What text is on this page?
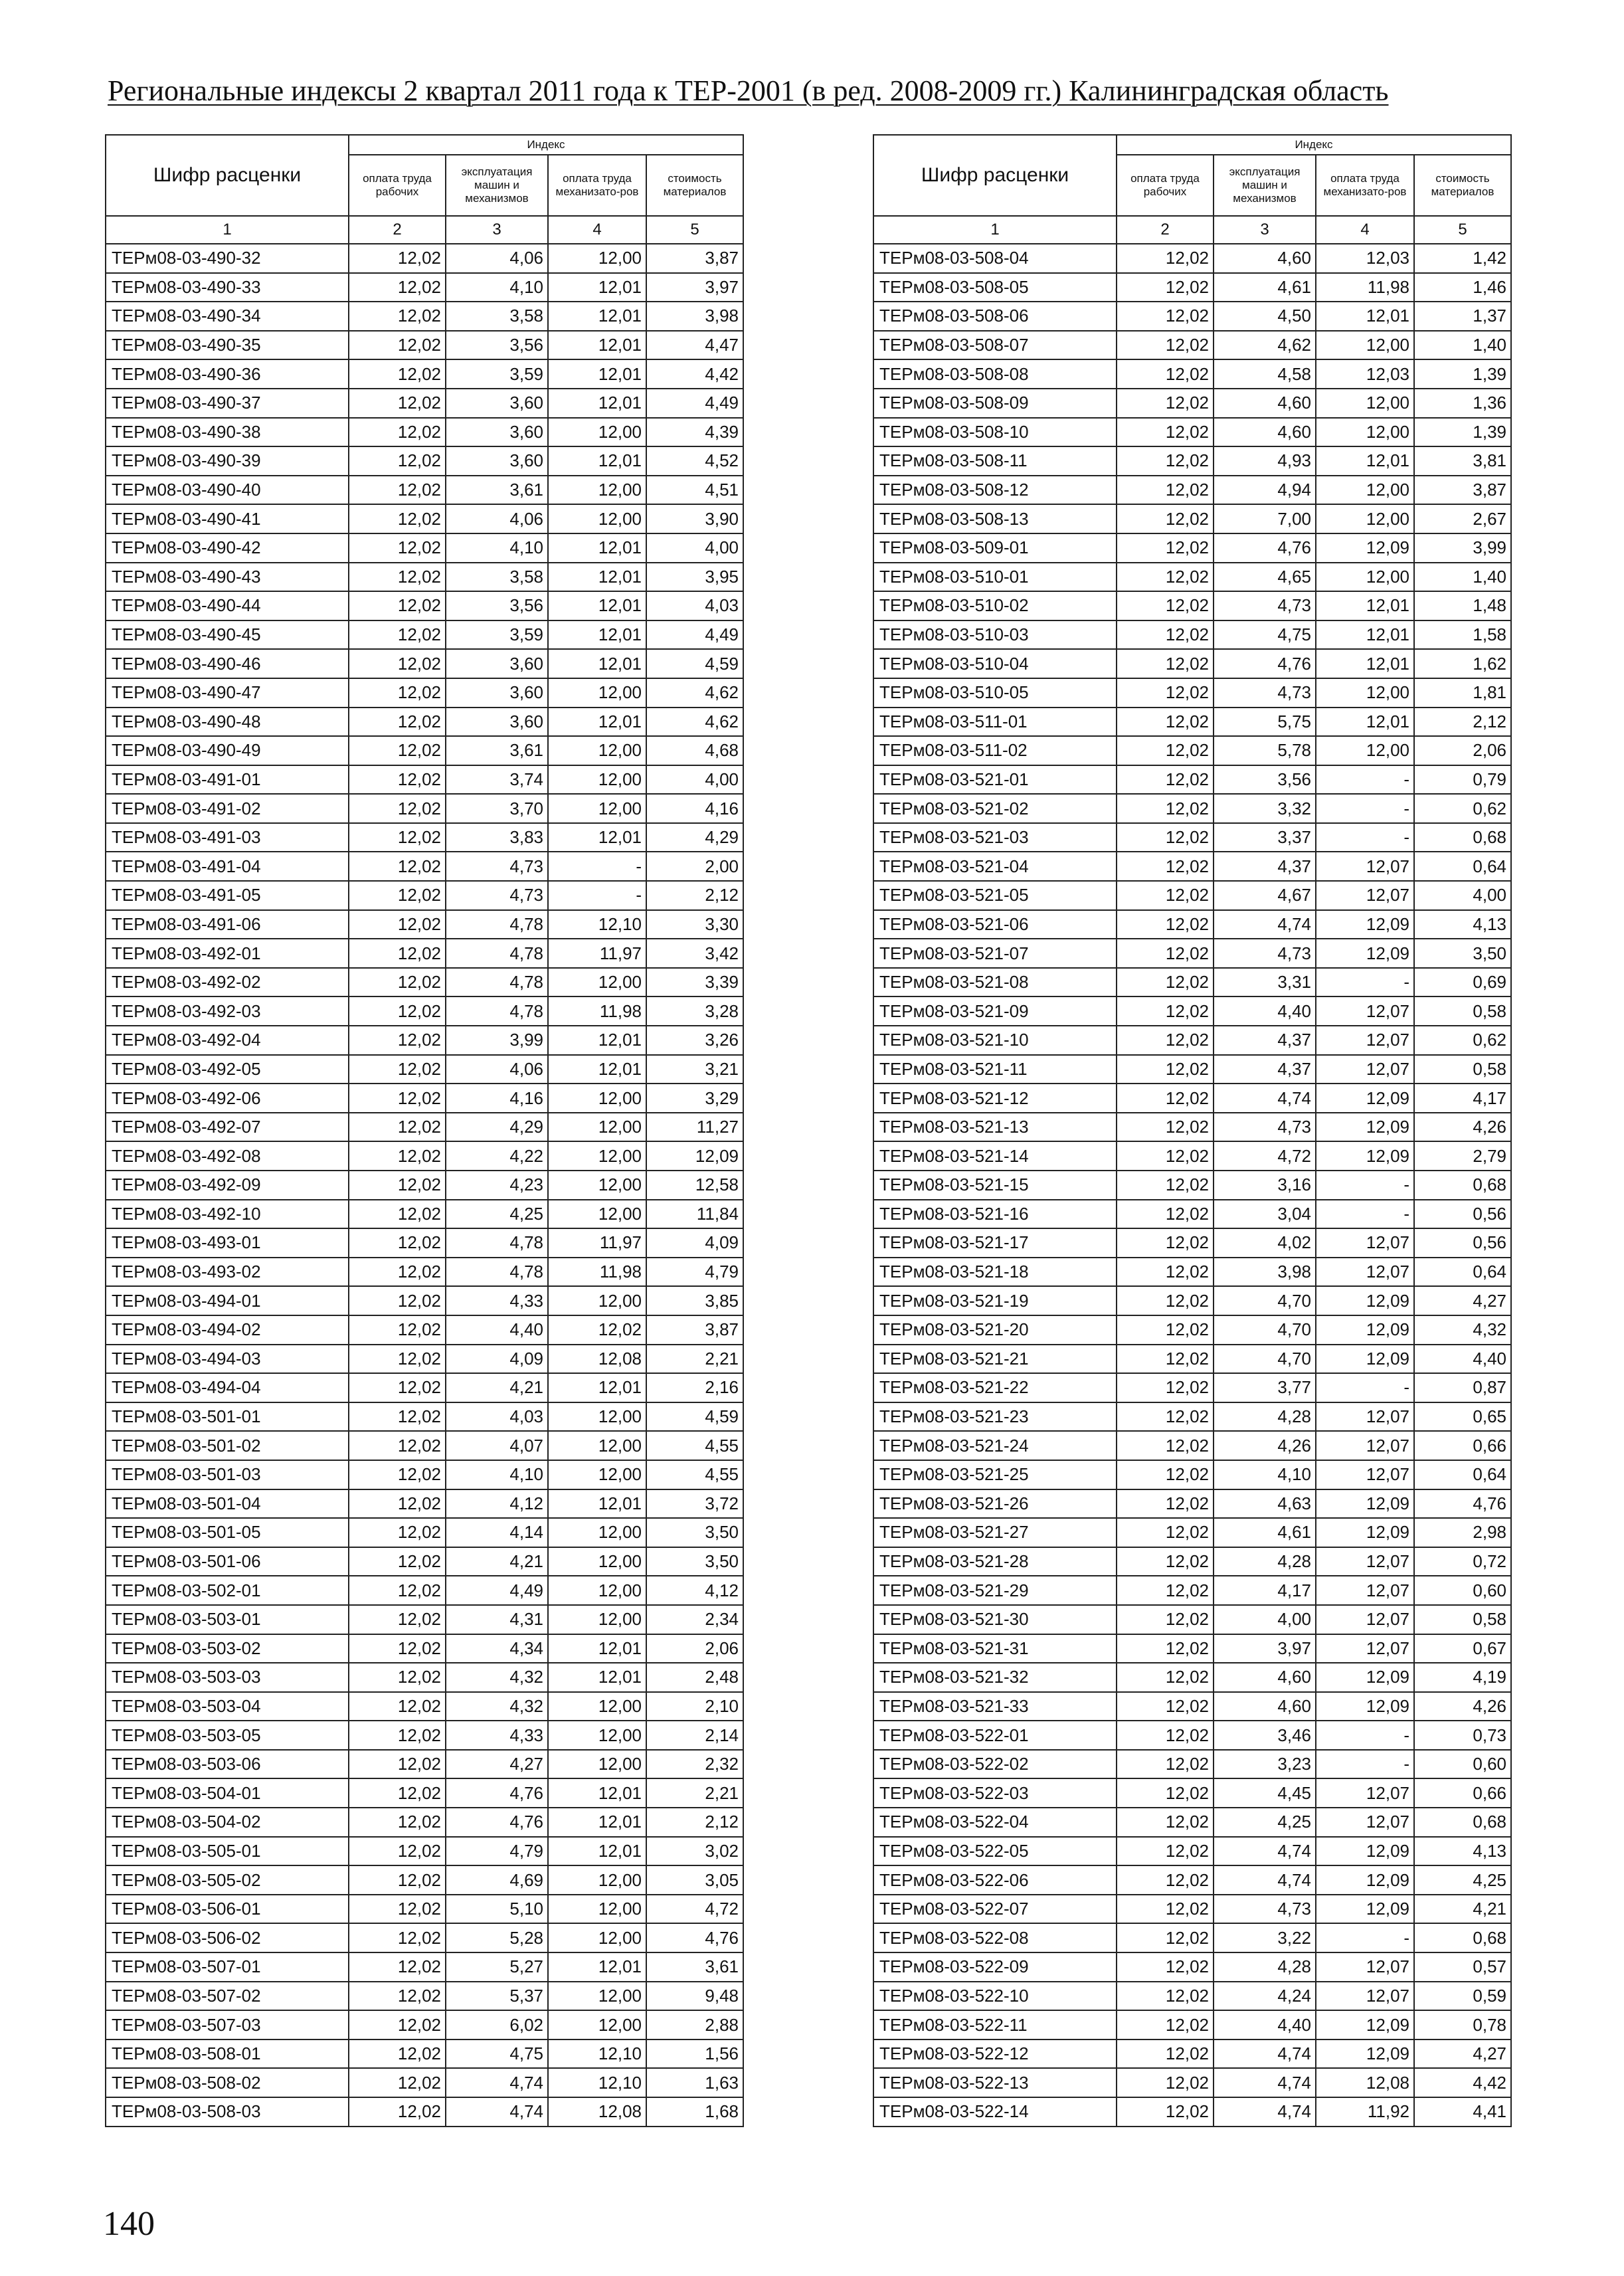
Региональные индексы 2 квартал 2011 года к ТЕР-2001 (в ред. 2008-2009 гг.) Калининградская область
Шифр расценки	Индекс			
	оплата труда рабочих	эксплуатация машин и механизмов	оплата труда механизато-ров	стоимость материалов
1	2	3	4	5
ТЕРм08-03-490-32	12,02	4,06	12,00	3,87
ТЕРм08-03-490-33	12,02	4,10	12,01	3,97
ТЕРм08-03-490-34	12,02	3,58	12,01	3,98
ТЕРм08-03-490-35	12,02	3,56	12,01	4,47
ТЕРм08-03-490-36	12,02	3,59	12,01	4,42
ТЕРм08-03-490-37	12,02	3,60	12,01	4,49
ТЕРм08-03-490-38	12,02	3,60	12,00	4,39
ТЕРм08-03-490-39	12,02	3,60	12,01	4,52
ТЕРм08-03-490-40	12,02	3,61	12,00	4,51
ТЕРм08-03-490-41	12,02	4,06	12,00	3,90
ТЕРм08-03-490-42	12,02	4,10	12,01	4,00
ТЕРм08-03-490-43	12,02	3,58	12,01	3,95
ТЕРм08-03-490-44	12,02	3,56	12,01	4,03
ТЕРм08-03-490-45	12,02	3,59	12,01	4,49
ТЕРм08-03-490-46	12,02	3,60	12,01	4,59
ТЕРм08-03-490-47	12,02	3,60	12,00	4,62
ТЕРм08-03-490-48	12,02	3,60	12,01	4,62
ТЕРм08-03-490-49	12,02	3,61	12,00	4,68
ТЕРм08-03-491-01	12,02	3,74	12,00	4,00
ТЕРм08-03-491-02	12,02	3,70	12,00	4,16
ТЕРм08-03-491-03	12,02	3,83	12,01	4,29
ТЕРм08-03-491-04	12,02	4,73	-	2,00
ТЕРм08-03-491-05	12,02	4,73	-	2,12
ТЕРм08-03-491-06	12,02	4,78	12,10	3,30
ТЕРм08-03-492-01	12,02	4,78	11,97	3,42
ТЕРм08-03-492-02	12,02	4,78	12,00	3,39
ТЕРм08-03-492-03	12,02	4,78	11,98	3,28
ТЕРм08-03-492-04	12,02	3,99	12,01	3,26
ТЕРм08-03-492-05	12,02	4,06	12,01	3,21
ТЕРм08-03-492-06	12,02	4,16	12,00	3,29
ТЕРм08-03-492-07	12,02	4,29	12,00	11,27
ТЕРм08-03-492-08	12,02	4,22	12,00	12,09
ТЕРм08-03-492-09	12,02	4,23	12,00	12,58
ТЕРм08-03-492-10	12,02	4,25	12,00	11,84
ТЕРм08-03-493-01	12,02	4,78	11,97	4,09
ТЕРм08-03-493-02	12,02	4,78	11,98	4,79
ТЕРм08-03-494-01	12,02	4,33	12,00	3,85
ТЕРм08-03-494-02	12,02	4,40	12,02	3,87
ТЕРм08-03-494-03	12,02	4,09	12,08	2,21
ТЕРм08-03-494-04	12,02	4,21	12,01	2,16
ТЕРм08-03-501-01	12,02	4,03	12,00	4,59
ТЕРм08-03-501-02	12,02	4,07	12,00	4,55
ТЕРм08-03-501-03	12,02	4,10	12,00	4,55
ТЕРм08-03-501-04	12,02	4,12	12,01	3,72
ТЕРм08-03-501-05	12,02	4,14	12,00	3,50
ТЕРм08-03-501-06	12,02	4,21	12,00	3,50
ТЕРм08-03-502-01	12,02	4,49	12,00	4,12
ТЕРм08-03-503-01	12,02	4,31	12,00	2,34
ТЕРм08-03-503-02	12,02	4,34	12,01	2,06
ТЕРм08-03-503-03	12,02	4,32	12,01	2,48
ТЕРм08-03-503-04	12,02	4,32	12,00	2,10
ТЕРм08-03-503-05	12,02	4,33	12,00	2,14
ТЕРм08-03-503-06	12,02	4,27	12,00	2,32
ТЕРм08-03-504-01	12,02	4,76	12,01	2,21
ТЕРм08-03-504-02	12,02	4,76	12,01	2,12
ТЕРм08-03-505-01	12,02	4,79	12,01	3,02
ТЕРм08-03-505-02	12,02	4,69	12,00	3,05
ТЕРм08-03-506-01	12,02	5,10	12,00	4,72
ТЕРм08-03-506-02	12,02	5,28	12,00	4,76
ТЕРм08-03-507-01	12,02	5,27	12,01	3,61
ТЕРм08-03-507-02	12,02	5,37	12,00	9,48
ТЕРм08-03-507-03	12,02	6,02	12,00	2,88
ТЕРм08-03-508-01	12,02	4,75	12,10	1,56
ТЕРм08-03-508-02	12,02	4,74	12,10	1,63
ТЕРм08-03-508-03	12,02	4,74	12,08	1,68
Шифр расценки	Индекс			
	оплата труда рабочих	эксплуатация машин и механизмов	оплата труда механизато-ров	стоимость материалов
1	2	3	4	5
ТЕРм08-03-508-04	12,02	4,60	12,03	1,42
ТЕРм08-03-508-05	12,02	4,61	11,98	1,46
ТЕРм08-03-508-06	12,02	4,50	12,01	1,37
ТЕРм08-03-508-07	12,02	4,62	12,00	1,40
ТЕРм08-03-508-08	12,02	4,58	12,03	1,39
ТЕРм08-03-508-09	12,02	4,60	12,00	1,36
ТЕРм08-03-508-10	12,02	4,60	12,00	1,39
ТЕРм08-03-508-11	12,02	4,93	12,01	3,81
ТЕРм08-03-508-12	12,02	4,94	12,00	3,87
ТЕРм08-03-508-13	12,02	7,00	12,00	2,67
ТЕРм08-03-509-01	12,02	4,76	12,09	3,99
ТЕРм08-03-510-01	12,02	4,65	12,00	1,40
ТЕРм08-03-510-02	12,02	4,73	12,01	1,48
ТЕРм08-03-510-03	12,02	4,75	12,01	1,58
ТЕРм08-03-510-04	12,02	4,76	12,01	1,62
ТЕРм08-03-510-05	12,02	4,73	12,00	1,81
ТЕРм08-03-511-01	12,02	5,75	12,01	2,12
ТЕРм08-03-511-02	12,02	5,78	12,00	2,06
ТЕРм08-03-521-01	12,02	3,56	-	0,79
ТЕРм08-03-521-02	12,02	3,32	-	0,62
ТЕРм08-03-521-03	12,02	3,37	-	0,68
ТЕРм08-03-521-04	12,02	4,37	12,07	0,64
ТЕРм08-03-521-05	12,02	4,67	12,07	4,00
ТЕРм08-03-521-06	12,02	4,74	12,09	4,13
ТЕРм08-03-521-07	12,02	4,73	12,09	3,50
ТЕРм08-03-521-08	12,02	3,31	-	0,69
ТЕРм08-03-521-09	12,02	4,40	12,07	0,58
ТЕРм08-03-521-10	12,02	4,37	12,07	0,62
ТЕРм08-03-521-11	12,02	4,37	12,07	0,58
ТЕРм08-03-521-12	12,02	4,74	12,09	4,17
ТЕРм08-03-521-13	12,02	4,73	12,09	4,26
ТЕРм08-03-521-14	12,02	4,72	12,09	2,79
ТЕРм08-03-521-15	12,02	3,16	-	0,68
ТЕРм08-03-521-16	12,02	3,04	-	0,56
ТЕРм08-03-521-17	12,02	4,02	12,07	0,56
ТЕРм08-03-521-18	12,02	3,98	12,07	0,64
ТЕРм08-03-521-19	12,02	4,70	12,09	4,27
ТЕРм08-03-521-20	12,02	4,70	12,09	4,32
ТЕРм08-03-521-21	12,02	4,70	12,09	4,40
ТЕРм08-03-521-22	12,02	3,77	-	0,87
ТЕРм08-03-521-23	12,02	4,28	12,07	0,65
ТЕРм08-03-521-24	12,02	4,26	12,07	0,66
ТЕРм08-03-521-25	12,02	4,10	12,07	0,64
ТЕРм08-03-521-26	12,02	4,63	12,09	4,76
ТЕРм08-03-521-27	12,02	4,61	12,09	2,98
ТЕРм08-03-521-28	12,02	4,28	12,07	0,72
ТЕРм08-03-521-29	12,02	4,17	12,07	0,60
ТЕРм08-03-521-30	12,02	4,00	12,07	0,58
ТЕРм08-03-521-31	12,02	3,97	12,07	0,67
ТЕРм08-03-521-32	12,02	4,60	12,09	4,19
ТЕРм08-03-521-33	12,02	4,60	12,09	4,26
ТЕРм08-03-522-01	12,02	3,46	-	0,73
ТЕРм08-03-522-02	12,02	3,23	-	0,60
ТЕРм08-03-522-03	12,02	4,45	12,07	0,66
ТЕРм08-03-522-04	12,02	4,25	12,07	0,68
ТЕРм08-03-522-05	12,02	4,74	12,09	4,13
ТЕРм08-03-522-06	12,02	4,74	12,09	4,25
ТЕРм08-03-522-07	12,02	4,73	12,09	4,21
ТЕРм08-03-522-08	12,02	3,22	-	0,68
ТЕРм08-03-522-09	12,02	4,28	12,07	0,57
ТЕРм08-03-522-10	12,02	4,24	12,07	0,59
ТЕРм08-03-522-11	12,02	4,40	12,09	0,78
ТЕРм08-03-522-12	12,02	4,74	12,09	4,27
ТЕРм08-03-522-13	12,02	4,74	12,08	4,42
ТЕРм08-03-522-14	12,02	4,74	11,92	4,41
140
